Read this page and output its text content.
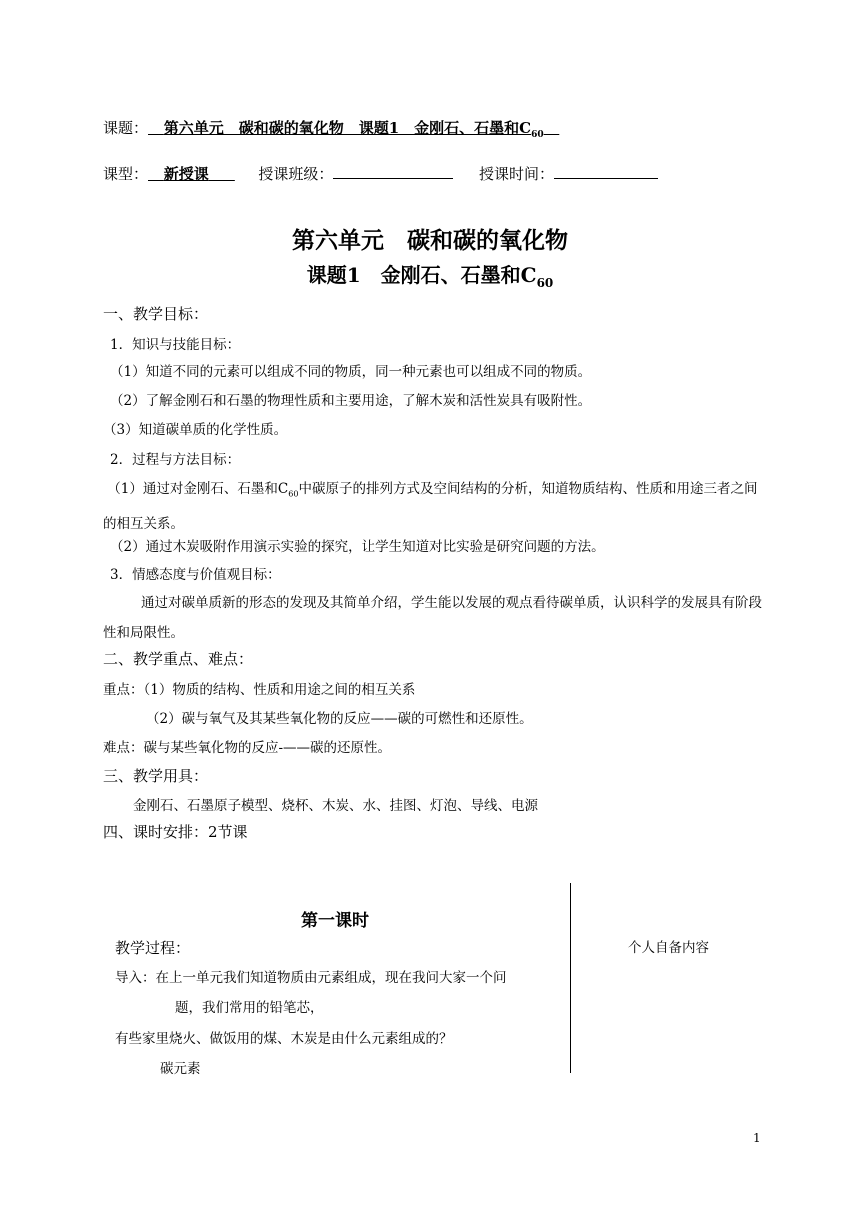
课题： 第六单元　碳和碳的氧化物　课题1　金刚石、石墨和$C_{60}$
课型： 新授课	授课班级：	授课时间：
第六单元　碳和碳的氧化物
课题1　金刚石、石墨和$C_{60}$
一、教学目标：
1．知识与技能目标：
（1）知道不同的元素可以组成不同的物质，同一种元素也可以组成不同的物质。
（2）了解金刚石和石墨的物理性质和主要用途，了解木炭和活性炭具有吸附性。
（3）知道碳单质的化学性质。
2．过程与方法目标：
（1）通过对金刚石、石墨和$C_{60}$中碳原子的排列方式及空间结构的分析，知道物质结构、性质和用途三者之间的相互关系。
（2）通过木炭吸附作用演示实验的探究，让学生知道对比实验是研究问题的方法。
3．情感态度与价值观目标：
通过对碳单质新的形态的发现及其简单介绍，学生能以发展的观点看待碳单质，认识科学的发展具有阶段性和局限性。
二、教学重点、难点：
重点：（1）物质的结构、性质和用途之间的相互关系
（2）碳与氧气及其某些氧化物的反应——碳的可燃性和还原性。
难点：碳与某些氧化物的反应-——碳的还原性。
三、教学用具：
金刚石、石墨原子模型、烧杯、木炭、水、挂图、灯泡、导线、电源
四、课时安排：2节课
第一课时
教学过程：
导入：在上一单元我们知道物质由元素组成，现在我问大家一个问
题，我们常用的铅笔芯，
有些家里烧火、做饭用的煤、木炭是由什么元素组成的？
碳元素
个人自备内容
1
